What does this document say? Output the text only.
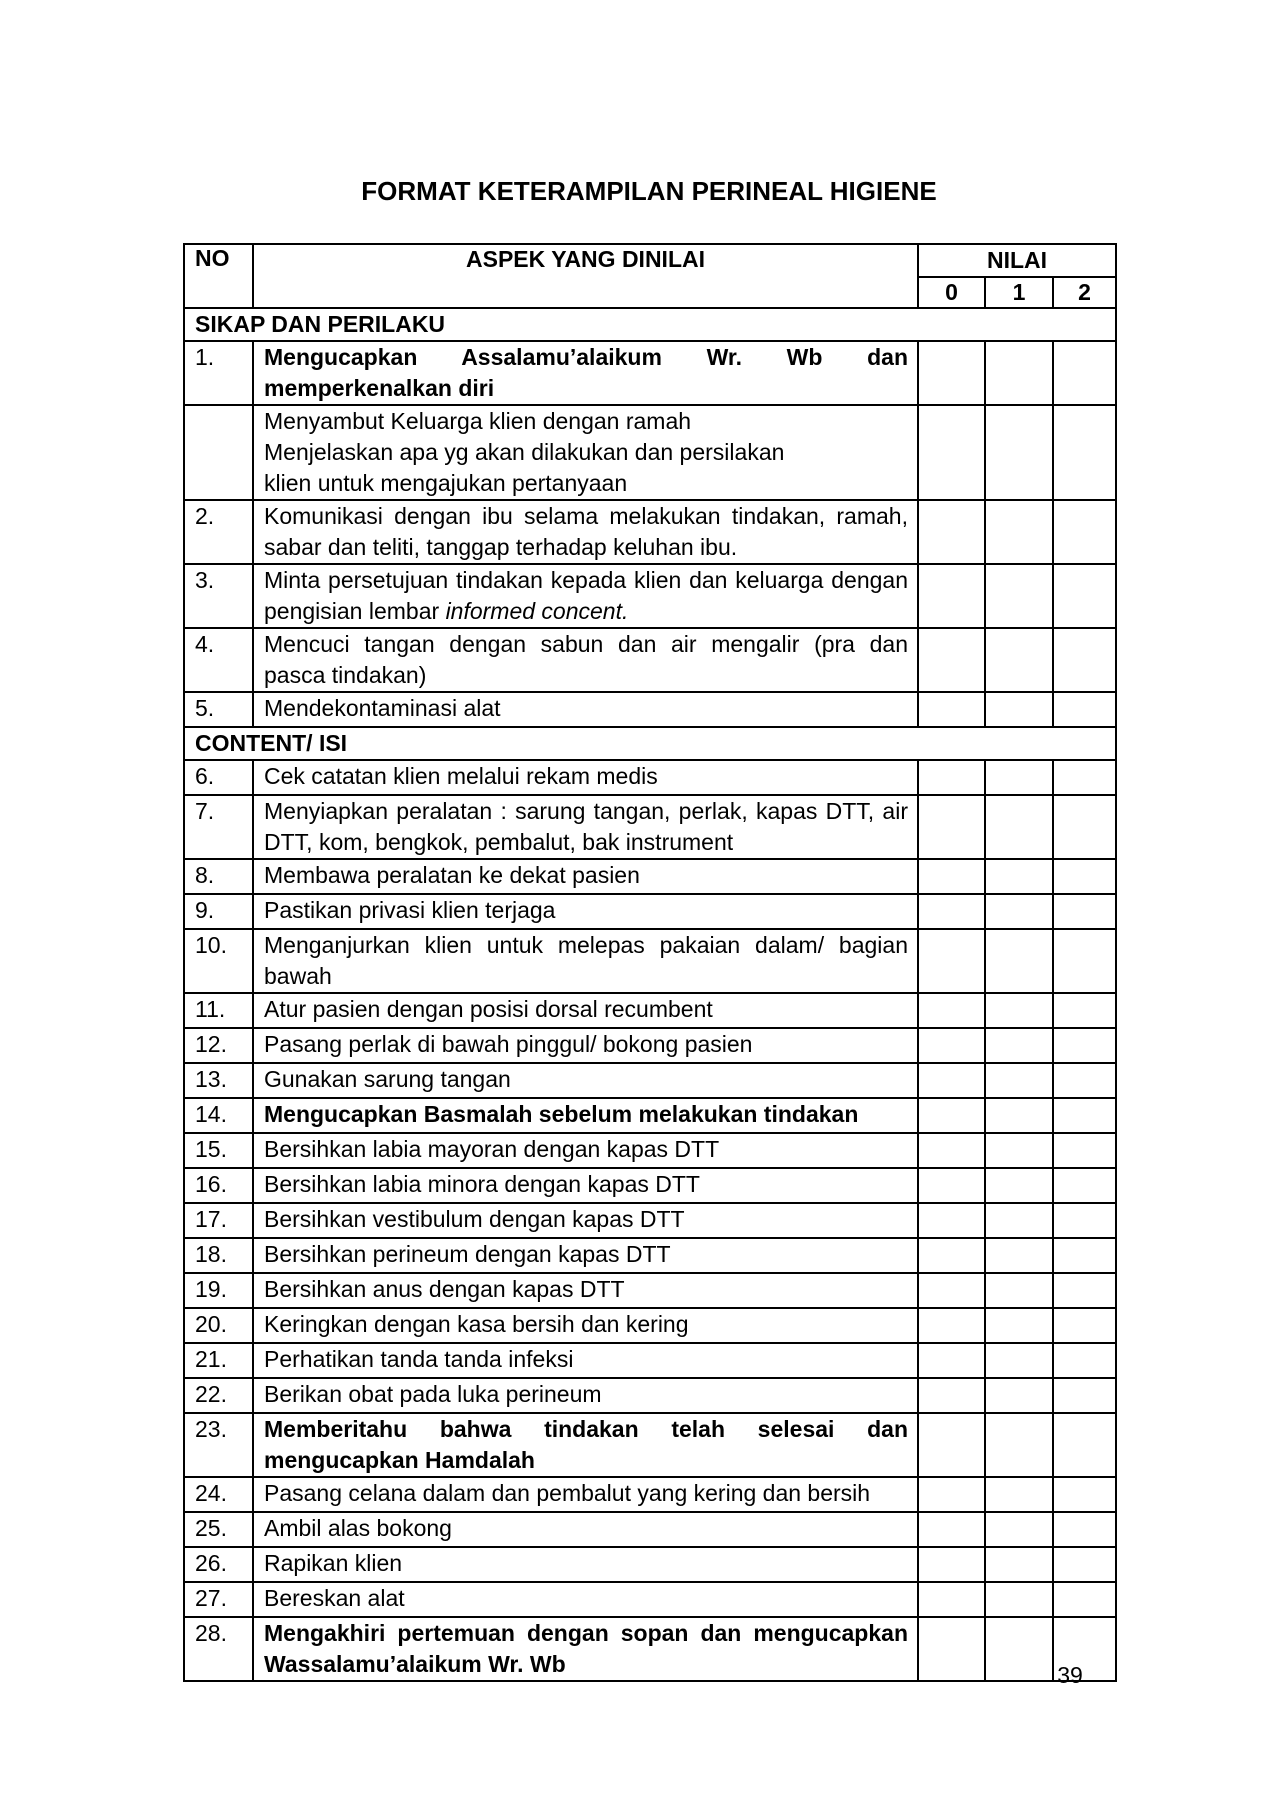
FORMAT KETERAMPILAN PERINEAL HIGIENE
NO	ASPEK YANG DINILAI	NILAI		
		0	1	2
SIKAP DAN PERILAKU				
1.	Mengucapkan Assalamu’alaikum Wr. Wb dan memperkenalkan diri			

	Menyambut Keluarga klien dengan ramah
Menjelaskan apa yg akan dilakukan dan persilakan
klien untuk mengajukan pertanyaan			

2.	Komunikasi dengan ibu selama melakukan tindakan, ramah, sabar dan teliti, tanggap terhadap keluhan ibu.			
3.	Minta persetujuan tindakan kepada klien dan keluarga dengan pengisian lembar informed concent.			
4.	Mencuci tangan dengan sabun dan air mengalir (pra dan pasca tindakan)			
5.	Mendekontaminasi alat			
CONTENT/ ISI				
6.	Cek catatan klien melalui rekam medis			
7.	Menyiapkan peralatan : sarung tangan, perlak, kapas DTT, air DTT, kom, bengkok, pembalut, bak instrument			
8.	Membawa peralatan ke dekat pasien			
9.	Pastikan privasi klien terjaga			
10.	Menganjurkan klien untuk melepas pakaian dalam/ bagian bawah			
11.	Atur pasien dengan posisi dorsal recumbent			
12.	Pasang perlak di bawah pinggul/ bokong pasien			
13.	Gunakan sarung tangan			
14.	Mengucapkan Basmalah sebelum melakukan tindakan			
15.	Bersihkan labia mayoran dengan kapas DTT			
16.	Bersihkan labia minora dengan kapas DTT			
17.	Bersihkan vestibulum dengan kapas DTT			
18.	Bersihkan perineum dengan kapas DTT			
19.	Bersihkan anus dengan kapas DTT			
20.	Keringkan dengan kasa bersih dan kering			
21.	Perhatikan tanda tanda infeksi			
22.	Berikan obat pada luka perineum			
23.	Memberitahu bahwa tindakan telah selesai dan mengucapkan Hamdalah			
24.	Pasang celana dalam dan pembalut yang kering dan bersih			
25.	Ambil alas bokong			
26.	Rapikan klien			
27.	Bereskan alat			
28.	Mengakhiri pertemuan dengan sopan dan mengucapkan Wassalamu’alaikum Wr. Wb				39
